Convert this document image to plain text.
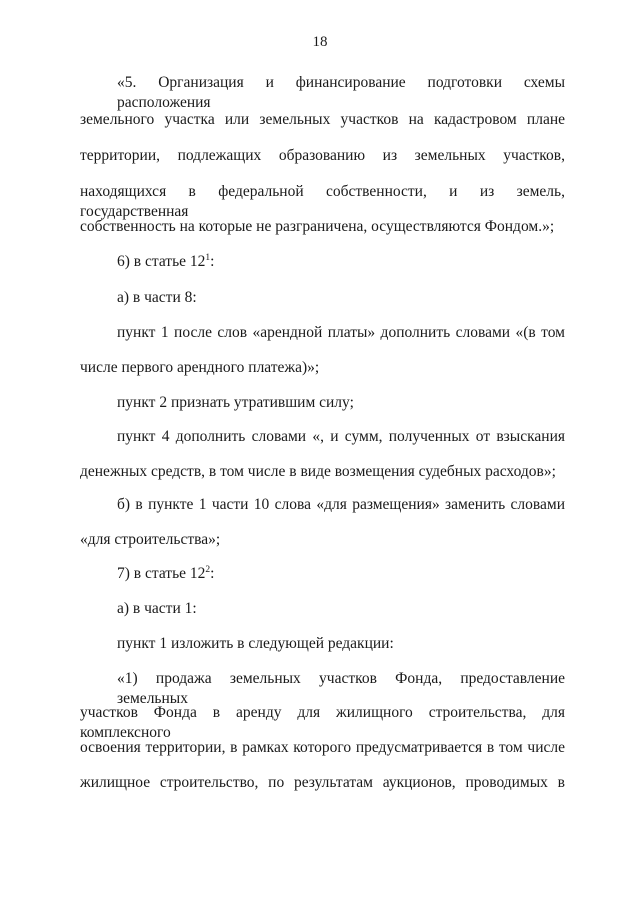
18
«5. Организация и финансирование подготовки схемы расположения
земельного участка или земельных участков на кадастровом плане
территории, подлежащих образованию из земельных участков,
находящихся в федеральной собственности, и из земель, государственная
собственность на которые не разграничена, осуществляются Фондом.»;
6) в статье $12^1$:
а) в части 8:
пункт 1 после слов «арендной платы» дополнить словами «(в том
числе первого арендного платежа)»;
пункт 2 признать утратившим силу;
пункт 4 дополнить словами «, и сумм, полученных от взыскания
денежных средств, в том числе в виде возмещения судебных расходов»;
б) в пункте 1 части 10 слова «для размещения» заменить словами
«для строительства»;
7) в статье $12^2$:
а) в части 1:
пункт 1 изложить в следующей редакции:
«1) продажа земельных участков Фонда, предоставление земельных
участков Фонда в аренду для жилищного строительства, для комплексного
освоения территории, в рамках которого предусматривается в том числе
жилищное строительство, по результатам аукционов, проводимых в
